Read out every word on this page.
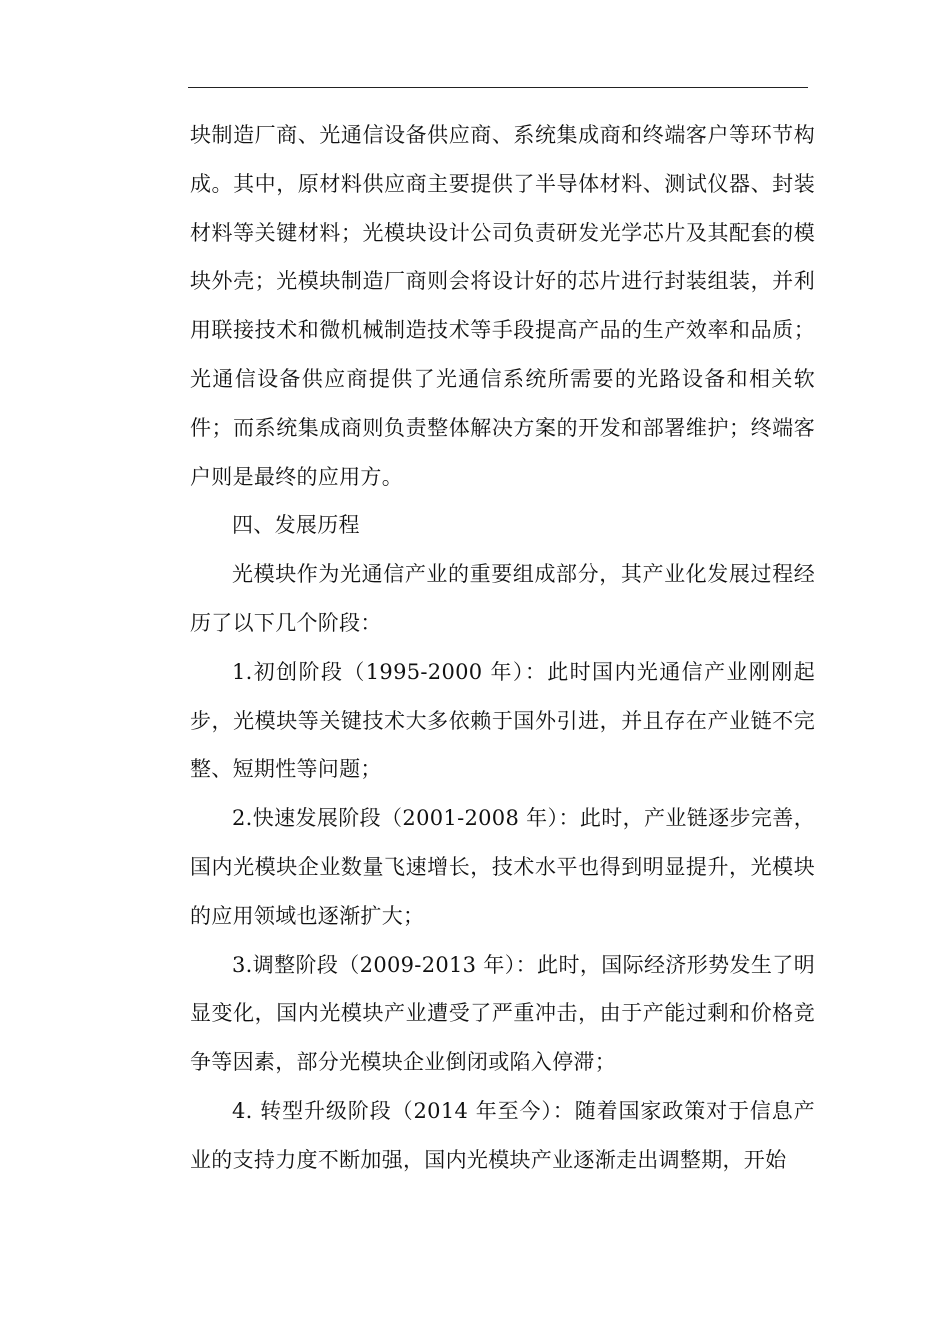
块制造厂商、光通信设备供应商、系统集成商和终端客户等环节构成。其中，原材料供应商主要提供了半导体材料、测试仪器、封装材料等关键材料；光模块设计公司负责研发光学芯片及其配套的模块外壳；光模块制造厂商则会将设计好的芯片进行封装组装，并利用联接技术和微机械制造技术等手段提高产品的生产效率和品质；光通信设备供应商提供了光通信系统所需要的光路设备和相关软件；而系统集成商则负责整体解决方案的开发和部署维护；终端客户则是最终的应用方。

四、发展历程

光模块作为光通信产业的重要组成部分，其产业化发展过程经历了以下几个阶段：

1.初创阶段（1995-2000 年）：此时国内光通信产业刚刚起步，光模块等关键技术大多依赖于国外引进，并且存在产业链不完整、短期性等问题；

2.快速发展阶段（2001-2008 年）：此时，产业链逐步完善，国内光模块企业数量飞速增长，技术水平也得到明显提升，光模块的应用领域也逐渐扩大；

3.调整阶段（2009-2013 年）：此时，国际经济形势发生了明显变化，国内光模块产业遭受了严重冲击，由于产能过剩和价格竞争等因素，部分光模块企业倒闭或陷入停滞；

4. 转型升级阶段（2014 年至今）：随着国家政策对于信息产业的支持力度不断加强，国内光模块产业逐渐走出调整期，开始
